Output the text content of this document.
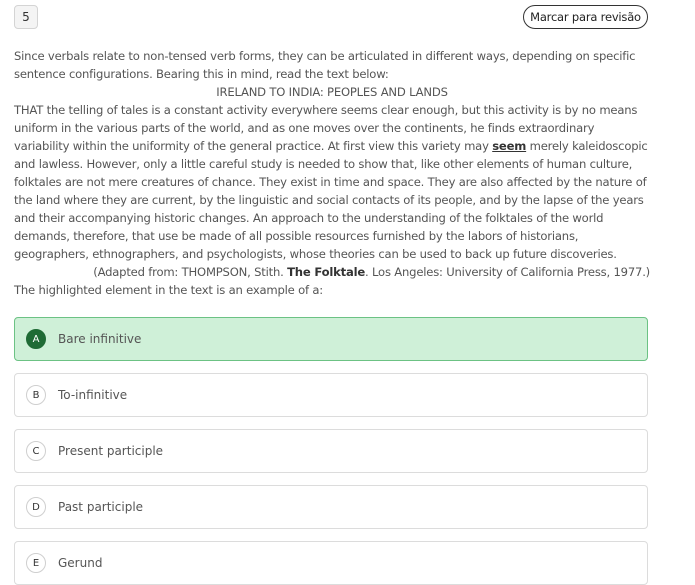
5	Marcar para revisão

Since verbals relate to non-tensed verb forms, they can be articulated in different ways, depending on specific sentence configurations. Bearing this in mind, read the text below:

IRELAND TO INDIA: PEOPLES AND LANDS

THAT the telling of tales is a constant activity everywhere seems clear enough, but this activity is by no means uniform in the various parts of the world, and as one moves over the continents, he finds extraordinary variability within the uniformity of the general practice. At first view this variety may seem merely kaleidoscopic and lawless. However, only a little careful study is needed to show that, like other elements of human culture, folktales are not mere creatures of chance. They exist in time and space. They are also affected by the nature of the land where they are current, by the linguistic and social contacts of its people, and by the lapse of the years and their accompanying historic changes. An approach to the understanding of the folktales of the world demands, therefore, that use be made of all possible resources furnished by the labors of historians, geographers, ethnographers, and psychologists, whose theories can be used to back up future discoveries.

(Adapted from: THOMPSON, Stith. The Folktale. Los Angeles: University of California Press, 1977.)

The highlighted element in the text is an example of a:

A	Bare infinitive
B	To-infinitive
C	Present participle
D	Past participle
E	Gerund
